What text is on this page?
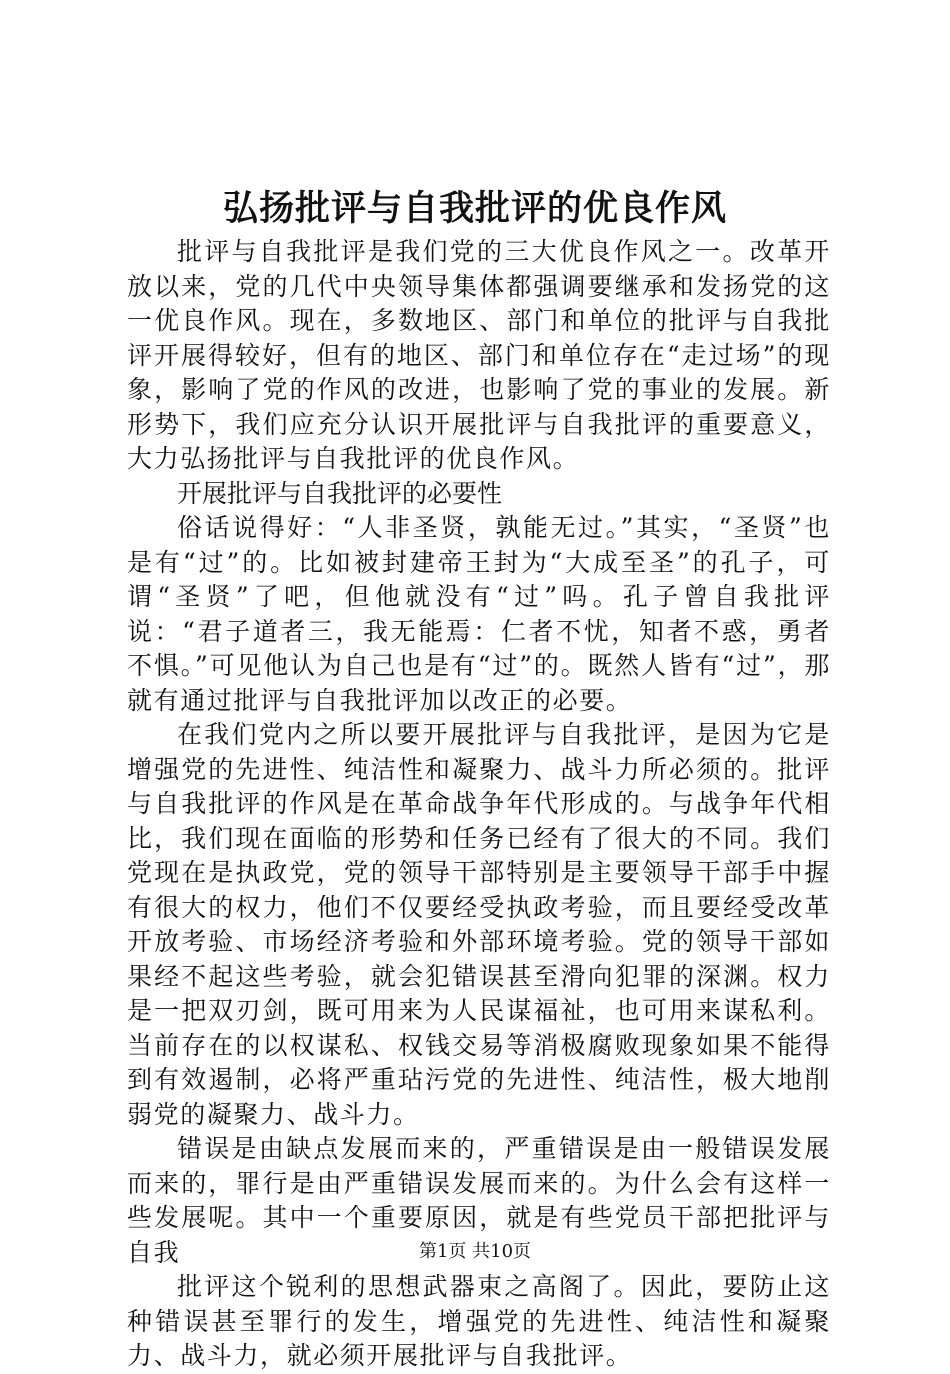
弘扬批评与自我批评的优良作风

批评与自我批评是我们党的三大优良作风之一。改革开放以来，党的几代中央领导集体都强调要继承和发扬党的这一优良作风。现在，多数地区、部门和单位的批评与自我批评开展得较好，但有的地区、部门和单位存在“走过场”的现象，影响了党的作风的改进，也影响了党的事业的发展。新形势下，我们应充分认识开展批评与自我批评的重要意义，大力弘扬批评与自我批评的优良作风。

开展批评与自我批评的必要性

俗话说得好：“人非圣贤，孰能无过。”其实，“圣贤”也是有“过”的。比如被封建帝王封为“大成至圣”的孔子，可谓“圣贤”了吧，但他就没有“过”吗。孔子曾自我批评说：“君子道者三，我无能焉：仁者不忧，知者不惑，勇者不惧。”可见他认为自己也是有“过”的。既然人皆有“过”，那就有通过批评与自我批评加以改正的必要。

在我们党内之所以要开展批评与自我批评，是因为它是增强党的先进性、纯洁性和凝聚力、战斗力所必须的。批评与自我批评的作风是在革命战争年代形成的。与战争年代相比，我们现在面临的形势和任务已经有了很大的不同。我们党现在是执政党，党的领导干部特别是主要领导干部手中握有很大的权力，他们不仅要经受执政考验，而且要经受改革开放考验、市场经济考验和外部环境考验。党的领导干部如果经不起这些考验，就会犯错误甚至滑向犯罪的深渊。权力是一把双刃剑，既可用来为人民谋福祉，也可用来谋私利。当前存在的以权谋私、权钱交易等消极腐败现象如果不能得到有效遏制，必将严重玷污党的先进性、纯洁性，极大地削弱党的凝聚力、战斗力。

错误是由缺点发展而来的，严重错误是由一般错误发展而来的，罪行是由严重错误发展而来的。为什么会有这样一些发展呢。其中一个重要原因，就是有些党员干部把批评与自我

批评这个锐利的思想武器束之高阁了。因此，要防止这种错误甚至罪行的发生，增强党的先进性、纯洁性和凝聚力、战斗力，就必须开展批评与自我批评。

第1页 共10页
